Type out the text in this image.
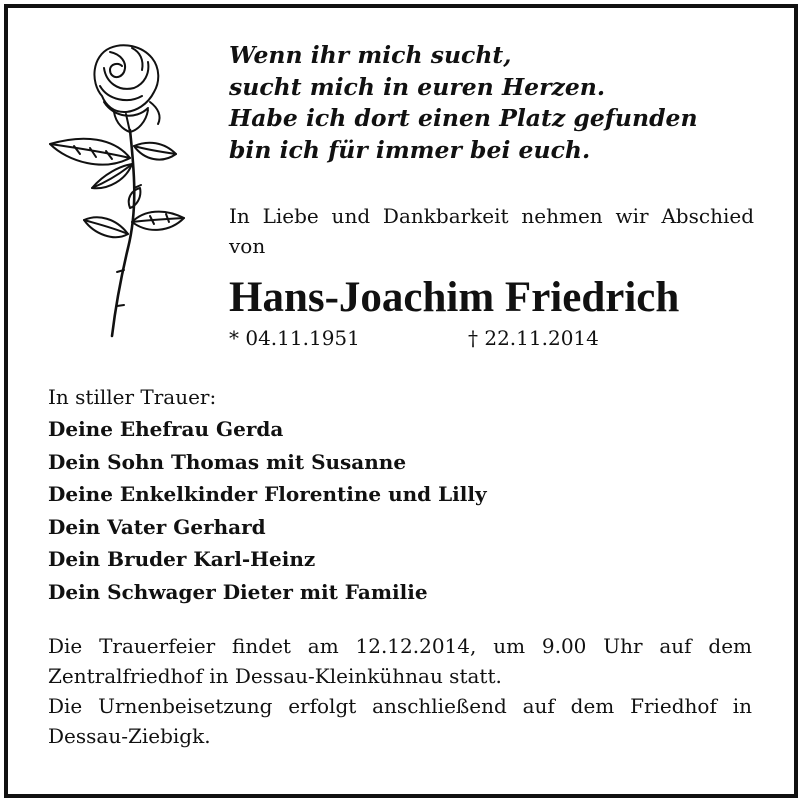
Wenn ihr mich sucht,
sucht mich in euren Herzen.
Habe ich dort einen Platz gefunden
bin ich für immer bei euch.
In Liebe und Dankbarkeit nehmen wir Abschied von
Hans-Joachim Friedrich
* 04.11.1951	† 22.11.2014
In stiller Trauer:
Deine Ehefrau Gerda
Dein Sohn Thomas mit Susanne
Deine Enkelkinder Florentine und Lilly
Dein Vater Gerhard
Dein Bruder Karl-Heinz
Dein Schwager Dieter mit Familie
Die Trauerfeier findet am 12.12.2014, um 9.00 Uhr auf dem Zentralfriedhof in Dessau-Kleinkühnau statt.
Die Urnenbeisetzung erfolgt anschließend auf dem Friedhof in Dessau-Ziebigk.
